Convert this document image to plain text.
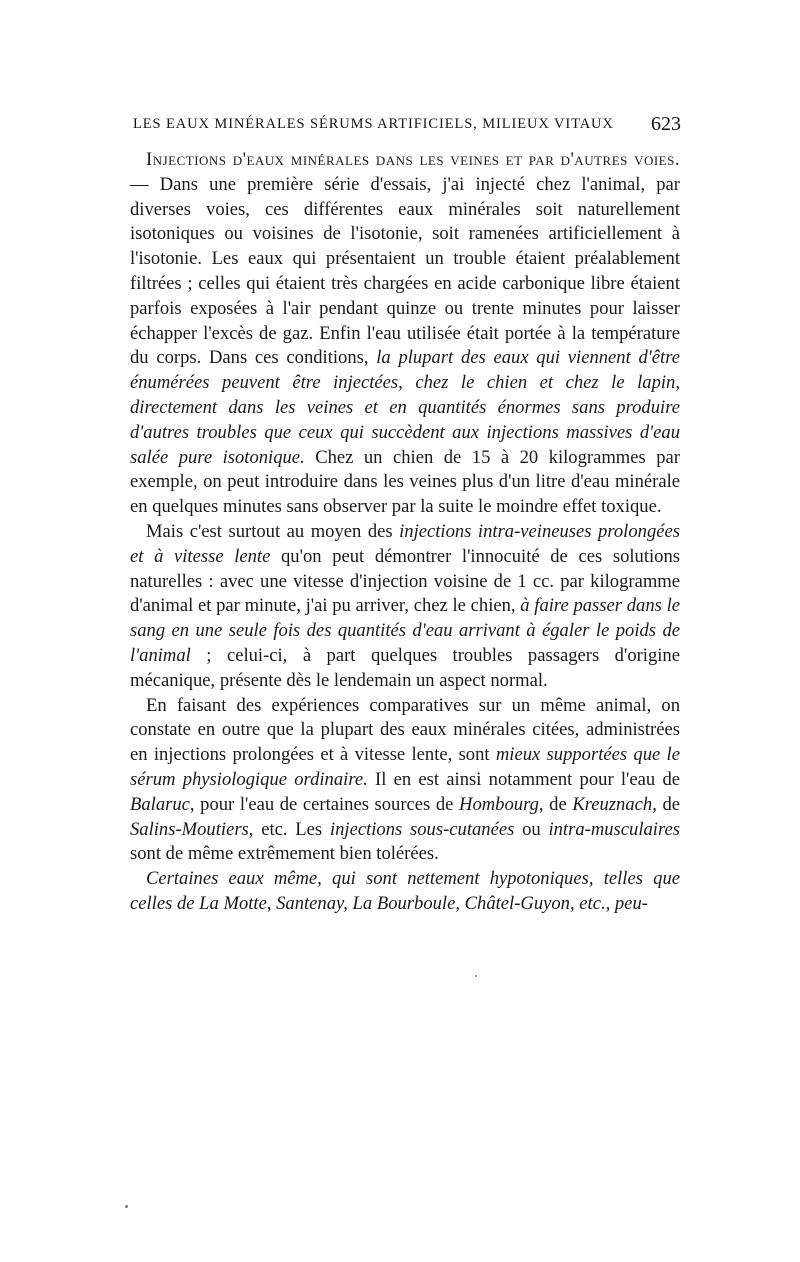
LES EAUX MINÉRALES SÉRUMS ARTIFICIELS, MILIEUX VITAUX 623

Injections d'eaux minérales dans les veines et par d'autres voies. — Dans une première série d'essais, j'ai injecté chez l'animal, par diverses voies, ces différentes eaux minérales soit naturellement isotoniques ou voisines de l'isotonie, soit ramenées artificiellement à l'isotonie. Les eaux qui présentaient un trouble étaient préalablement filtrées ; celles qui étaient très chargées en acide carbonique libre étaient parfois exposées à l'air pendant quinze ou trente minutes pour laisser échapper l'excès de gaz. Enfin l'eau utilisée était portée à la température du corps. Dans ces conditions, la plupart des eaux qui viennent d'être énumérées peuvent être injectées, chez le chien et chez le lapin, directement dans les veines et en quantités énormes sans produire d'autres troubles que ceux qui succèdent aux injections massives d'eau salée pure isotonique. Chez un chien de 15 à 20 kilogrammes par exemple, on peut introduire dans les veines plus d'un litre d'eau minérale en quelques minutes sans observer par la suite le moindre effet toxique.

Mais c'est surtout au moyen des injections intra-veineuses prolongées et à vitesse lente qu'on peut démontrer l'innocuité de ces solutions naturelles : avec une vitesse d'injection voisine de 1 cc. par kilogramme d'animal et par minute, j'ai pu arriver, chez le chien, à faire passer dans le sang en une seule fois des quantités d'eau arrivant à égaler le poids de l'animal ; celui-ci, à part quelques troubles passagers d'origine mécanique, présente dès le lendemain un aspect normal.

En faisant des expériences comparatives sur un même animal, on constate en outre que la plupart des eaux minérales citées, administrées en injections prolongées et à vitesse lente, sont mieux supportées que le sérum physiologique ordinaire. Il en est ainsi notamment pour l'eau de Balaruc, pour l'eau de certaines sources de Hombourg, de Kreuznach, de Salins-Moutiers, etc. Les injections sous-cutanées ou intra-musculaires sont de même extrêmement bien tolérées.

Certaines eaux même, qui sont nettement hypotoniques, telles que celles de La Motte, Santenay, La Bourboule, Châtel-Guyon, etc., peu-
